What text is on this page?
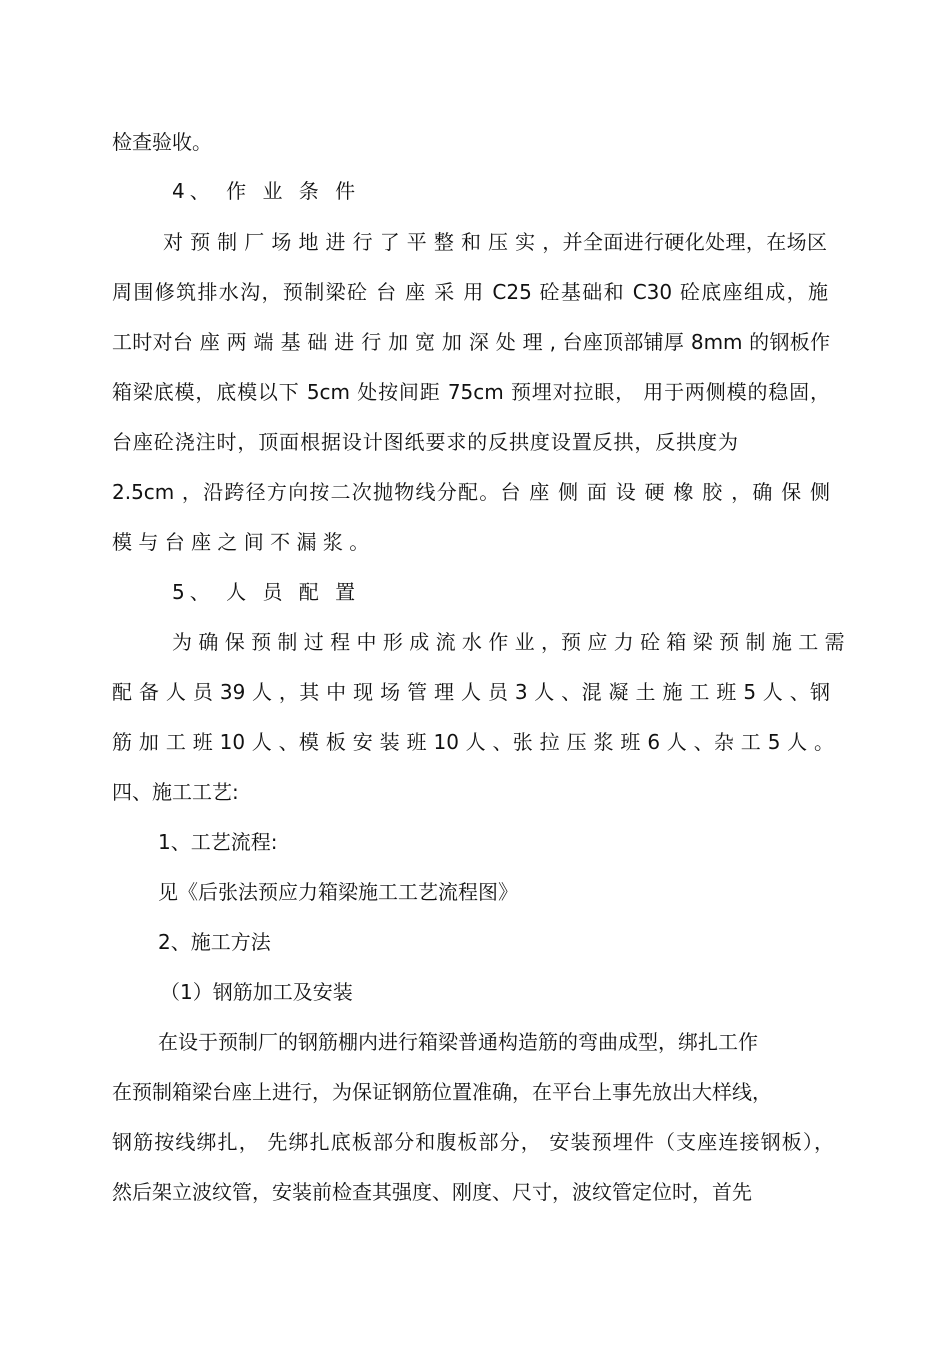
检查验收。
4、 作 业 条 件
对 预 制 厂 场 地 进 行 了 平 整 和 压 实 ，并全面进行硬化处理，在场区
周围修筑排水沟，预制梁砼 台 座 采 用 C25 砼基础和 C30 砼底座组成，施
工时对台 座 两 端 基 础 进 行 加 宽 加 深 处 理 , 台座顶部铺厚 8mm 的钢板作
箱梁底模，底模以下 5cm 处按间距 75cm 预埋对拉眼， 用于两侧模的稳固，
台座砼浇注时，顶面根据设计图纸要求的反拱度设置反拱，反拱度为
2.5cm ，沿跨径方向按二次抛物线分配。台 座 侧 面 设 硬 橡 胶 ，确 保 侧
模 与 台 座 之 间 不 漏 浆 。
5、 人 员 配 置
为 确 保 预 制 过 程 中 形 成 流 水 作 业 ，预 应 力 砼 箱 梁 预 制 施 工 需
配 备 人 员 39 人 ，其 中 现 场 管 理 人 员 3 人 、混 凝 土 施 工 班 5 人 、钢
筋 加 工 班 10 人 、模 板 安 装 班 10 人 、张 拉 压 浆 班 6 人 、杂 工 5 人 。
四、施工工艺:
1、工艺流程:
见《后张法预应力箱梁施工工艺流程图》
2、施工方法
（1）钢筋加工及安装
在设于预制厂的钢筋棚内进行箱梁普通构造筋的弯曲成型，绑扎工作
在预制箱梁台座上进行，为保证钢筋位置准确，在平台上事先放出大样线，
钢筋按线绑扎， 先绑扎底板部分和腹板部分， 安装预埋件（支座连接钢板），
然后架立波纹管，安装前检查其强度、刚度、尺寸，波纹管定位时，首先
